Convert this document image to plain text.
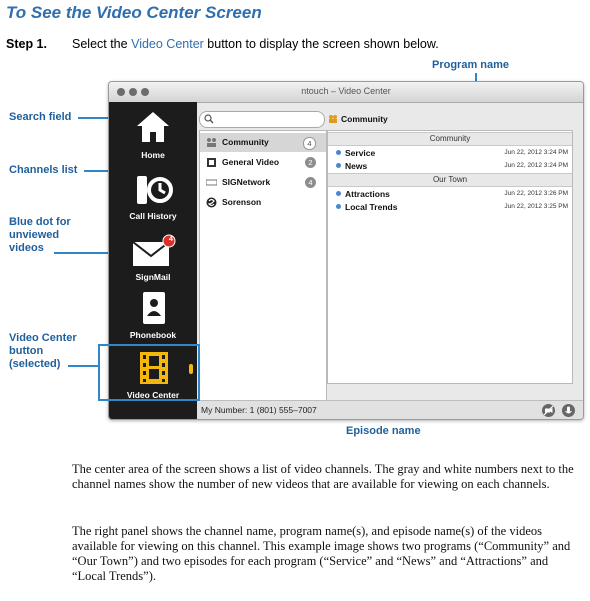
To See the Video Center Screen
Step 1. Select the Video Center button to display the screen shown below.
Program name
Search field
Channels list
Blue dot for
unviewed
videos
Video Center
button
(selected)
Episode name
ntouch – Video Center
Home
Call History
4
SignMail
Phonebook
Video Center
Community
Community	4
General Video	2
SIGNetwork	4
Sorenson
Community
Service	Jun 22, 2012 3:24 PM
News	Jun 22, 2012 3:24 PM
Our Town
Attractions	Jun 22, 2012 3:26 PM
Local Trends	Jun 22, 2012 3:25 PM
My Number: 1 (801) 555–7007
The center area of the screen shows a list of video channels. The gray and white numbers next to the channel names show the number of new videos that are available for viewing on each channels.
The right panel shows the channel name, program name(s), and episode name(s) of the videos available for viewing on this channel. This example image shows two programs (“Community” and “Our Town”) and two episodes for each program (“Service” and “News” and “Attractions” and “Local Trends”).
